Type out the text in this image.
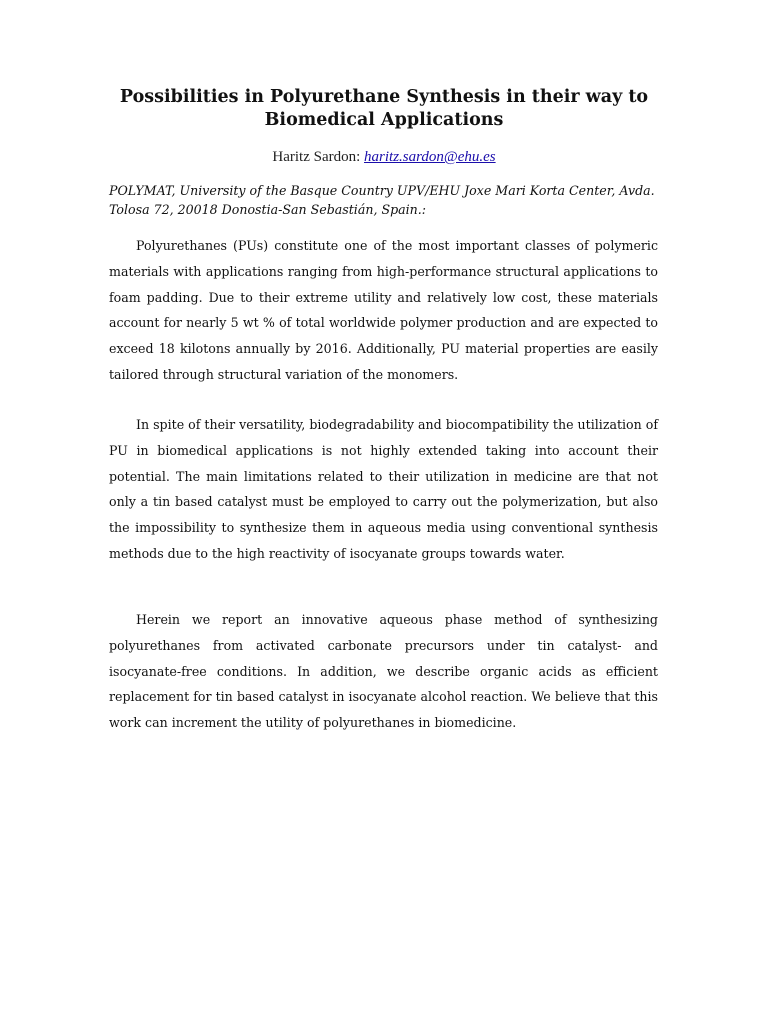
Possibilities in Polyurethane Synthesis in their way to Biomedical Applications
Haritz Sardon: haritz.sardon@ehu.es
POLYMAT, University of the Basque Country UPV/EHU Joxe Mari Korta Center, Avda. Tolosa 72, 20018 Donostia-San Sebastián, Spain.:

Polyurethanes (PUs) constitute one of the most important classes of polymeric materials with applications ranging from high-performance structural applications to foam padding. Due to their extreme utility and relatively low cost, these materials account for nearly 5 wt % of total worldwide polymer production and are expected to exceed 18 kilotons annually by 2016. Additionally, PU material properties are easily tailored through structural variation of the monomers.

In spite of their versatility, biodegradability and biocompatibility the utilization of PU in biomedical applications is not highly extended taking into account their potential. The main limitations related to their utilization in medicine are that not only a tin based catalyst must be employed to carry out the polymerization, but also the impossibility to synthesize them in aqueous media using conventional synthesis methods due to the high reactivity of isocyanate groups towards water.

Herein we report an innovative aqueous phase method of synthesizing polyurethanes from activated carbonate precursors under tin catalyst- and isocyanate-free conditions. In addition, we describe organic acids as efficient replacement for tin based catalyst in isocyanate alcohol reaction. We believe that this work can increment the utility of polyurethanes in biomedicine.
